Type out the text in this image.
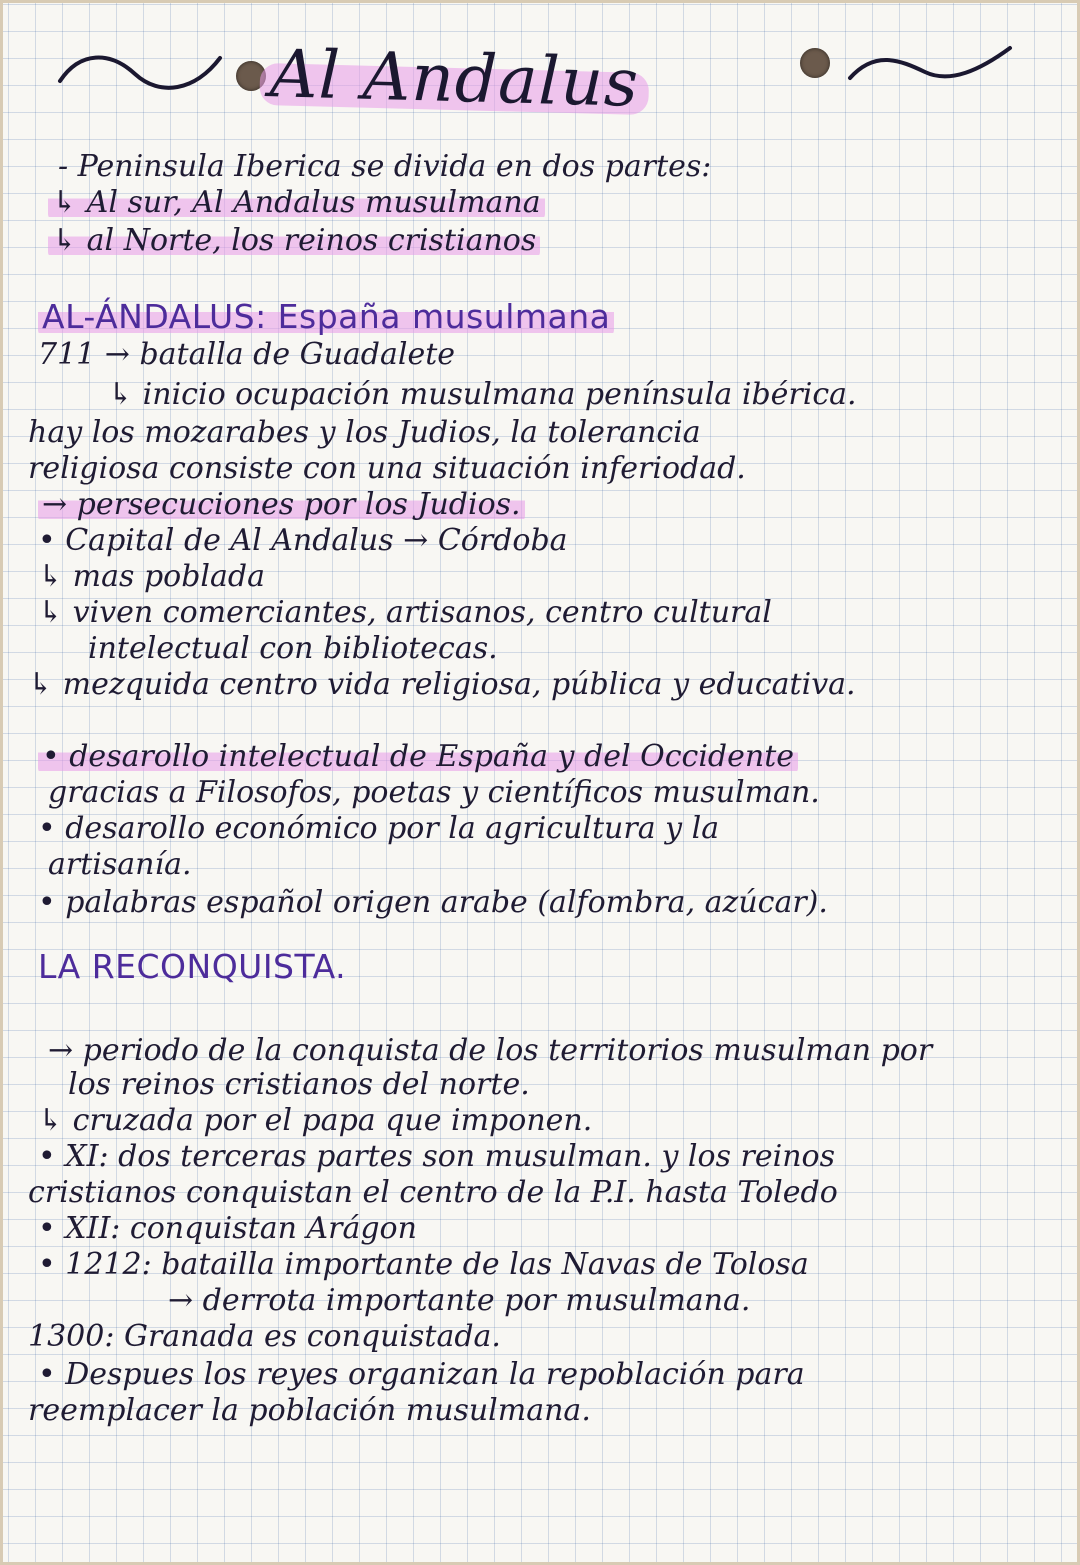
Al Andalus
- Peninsula Iberica se divida en dos partes:
↳ Al sur, Al Andalus musulmana
↳ al Norte, los reinos cristianos
AL-ÁNDALUS: España musulmana
711 → batalla de Guadalete
↳ inicio ocupación musulmana península ibérica.
hay los mozarabes y los Judios, la tolerancia
religiosa consiste con una situación inferiodad.
→ persecuciones por los Judios.
• Capital de Al Andalus → Córdoba
↳ mas poblada
↳ viven comerciantes, artisanos, centro cultural
intelectual con bibliotecas.
↳ mezquida centro vida religiosa, pública y educativa.
• desarollo intelectual de España y del Occidente
gracias a Filosofos, poetas y científicos musulman.
• desarollo económico por la agricultura y la
artisanía.
• palabras español origen arabe (alfombra, azúcar).
LA RECONQUISTA.
→ periodo de la conquista de los territorios musulman por
los reinos cristianos del norte.
↳ cruzada por el papa que imponen.
• XI: dos terceras partes son musulman. y los reinos
cristianos conquistan el centro de la P.I. hasta Toledo
• XII: conquistan Arágon
• 1212: batailla importante de las Navas de Tolosa
→ derrota importante por musulmana.
1300: Granada es conquistada.
• Despues los reyes organizan la repoblación para
reemplacer la población musulmana.
